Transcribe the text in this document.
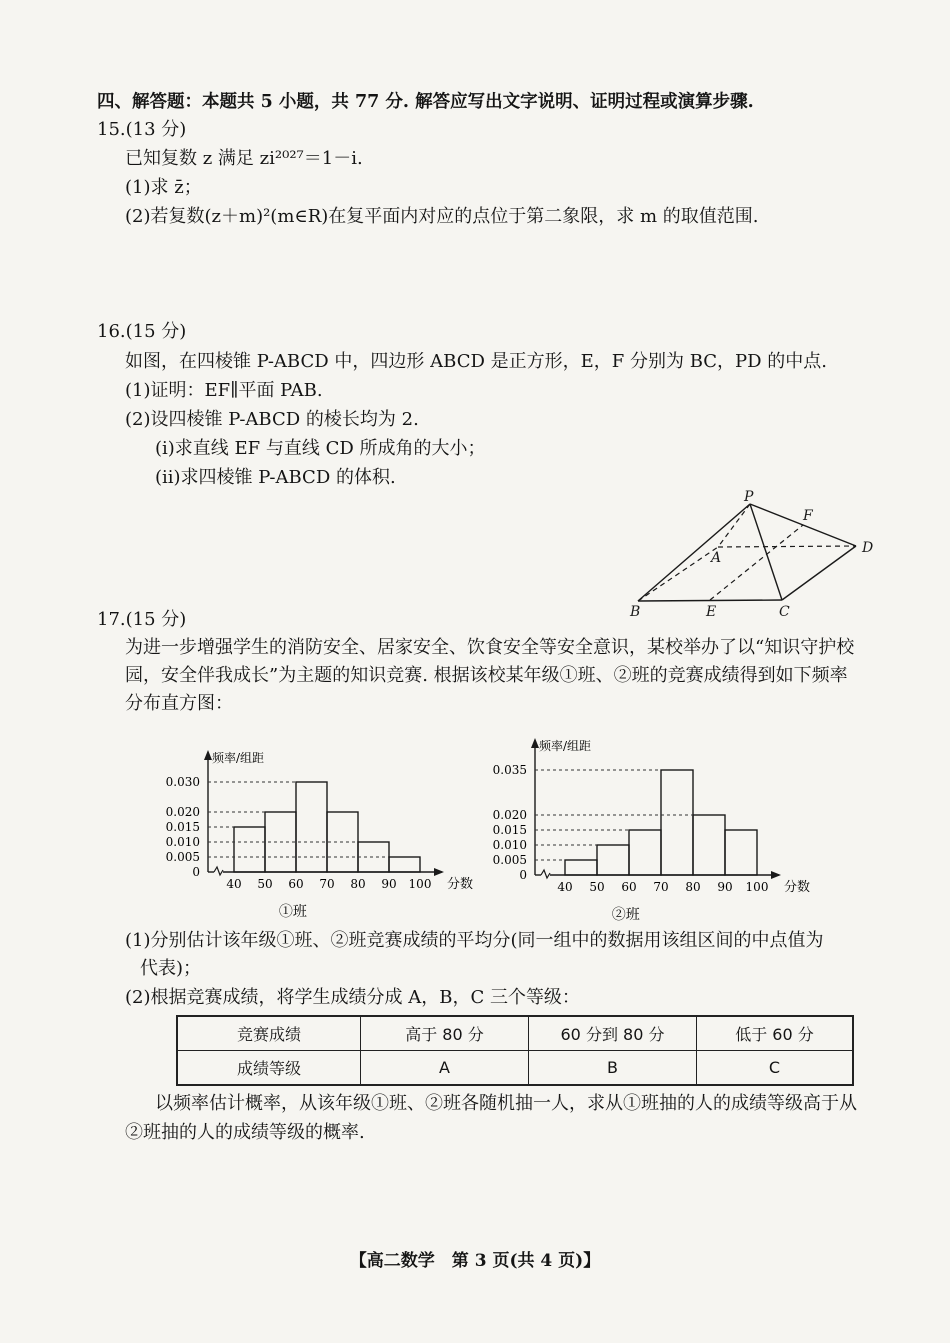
四、解答题：本题共 5 小题，共 77 分. 解答应写出文字说明、证明过程或演算步骤.
15.(13 分)
已知复数 z 满足 zi²⁰²⁷＝1－i.
(1)求 z̄；
(2)若复数(z＋m)²(m∈R)在复平面内对应的点位于第二象限，求 m 的取值范围.
16.(15 分)
如图，在四棱锥 P-ABCD 中，四边形 ABCD 是正方形，E，F 分别为 BC，PD 的中点.
(1)证明：EF∥平面 PAB.
(2)设四棱锥 P-ABCD 的棱长均为 2.
(ⅰ)求直线 EF 与直线 CD 所成角的大小；
(ⅱ)求四棱锥 P-ABCD 的体积.
P
F
D
A
B	E	C
17.(15 分)
为进一步增强学生的消防安全、居家安全、饮食安全等安全意识，某校举办了以“知识守护校
园，安全伴我成长”为主题的知识竞赛. 根据该校某年级①班、②班的竞赛成绩得到如下频率
分布直方图：
频率/组距
分数
0.030
0.020
0.015
0.010
0.005
0
40 50 60 70 80 90 100
①班
频率/组距
分数
0.035
0.020
0.015
0.010
0.005
0
40 50 60 70 80 90 100
②班
(1)分别估计该年级①班、②班竞赛成绩的平均分(同一组中的数据用该组区间的中点值为
代表)；
(2)根据竞赛成绩，将学生成绩分成 A，B，C 三个等级：
竞赛成绩	高于 80 分	60 分到 80 分	低于 60 分
成绩等级	A	B	C
以频率估计概率，从该年级①班、②班各随机抽一人，求从①班抽的人的成绩等级高于从
②班抽的人的成绩等级的概率.
【高二数学　第 3 页(共 4 页)】
